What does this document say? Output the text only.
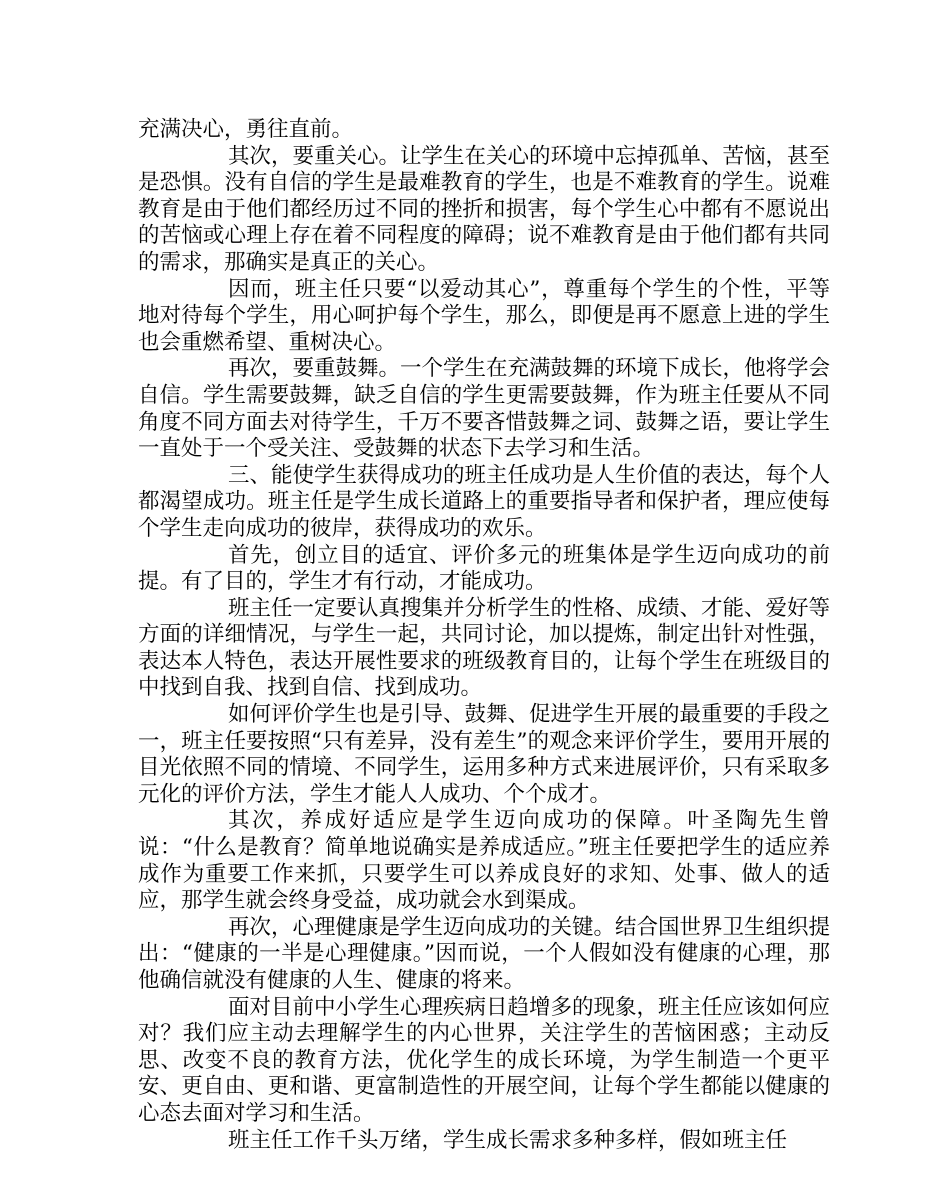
充满决心，勇往直前。

其次，要重关心。让学生在关心的环境中忘掉孤单、苦恼，甚至是恐惧。没有自信的学生是最难教育的学生，也是不难教育的学生。说难教育是由于他们都经历过不同的挫折和损害，每个学生心中都有不愿说出的苦恼或心理上存在着不同程度的障碍；说不难教育是由于他们都有共同的需求，那确实是真正的关心。

因而，班主任只要“以爱动其心”，尊重每个学生的个性，平等地对待每个学生，用心呵护每个学生，那么，即便是再不愿意上进的学生也会重燃希望、重树决心。

再次，要重鼓舞。一个学生在充满鼓舞的环境下成长，他将学会自信。学生需要鼓舞，缺乏自信的学生更需要鼓舞，作为班主任要从不同角度不同方面去对待学生，千万不要吝惜鼓舞之词、鼓舞之语，要让学生一直处于一个受关注、受鼓舞的状态下去学习和生活。

三、能使学生获得成功的班主任成功是人生价值的表达，每个人都渴望成功。班主任是学生成长道路上的重要指导者和保护者，理应使每个学生走向成功的彼岸，获得成功的欢乐。

首先，创立目的适宜、评价多元的班集体是学生迈向成功的前提。有了目的，学生才有行动，才能成功。

班主任一定要认真搜集并分析学生的性格、成绩、才能、爱好等方面的详细情况，与学生一起，共同讨论，加以提炼，制定出针对性强，表达本人特色，表达开展性要求的班级教育目的，让每个学生在班级目的中找到自我、找到自信、找到成功。

如何评价学生也是引导、鼓舞、促进学生开展的最重要的手段之一，班主任要按照“只有差异，没有差生”的观念来评价学生，要用开展的目光依照不同的情境、不同学生，运用多种方式来进展评价，只有采取多元化的评价方法，学生才能人人成功、个个成才。

其次，养成好适应是学生迈向成功的保障。叶圣陶先生曾说：“什么是教育？简单地说确实是养成适应。”班主任要把学生的适应养成作为重要工作来抓，只要学生可以养成良好的求知、处事、做人的适应，那学生就会终身受益，成功就会水到渠成。

再次，心理健康是学生迈向成功的关键。结合国世界卫生组织提出：“健康的一半是心理健康。”因而说，一个人假如没有健康的心理，那他确信就没有健康的人生、健康的将来。

面对目前中小学生心理疾病日趋增多的现象，班主任应该如何应对？我们应主动去理解学生的内心世界，关注学生的苦恼困惑；主动反思、改变不良的教育方法，优化学生的成长环境，为学生制造一个更平安、更自由、更和谐、更富制造性的开展空间，让每个学生都能以健康的心态去面对学习和生活。

班主任工作千头万绪，学生成长需求多种多样，假如班主任
